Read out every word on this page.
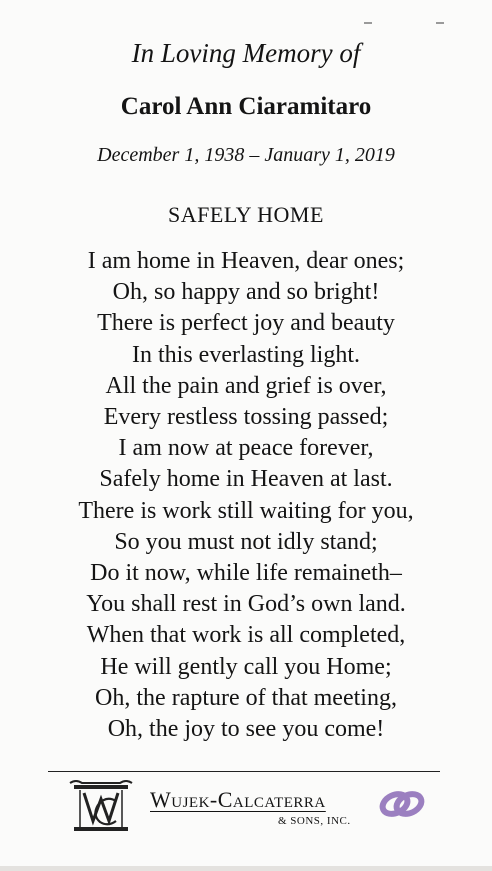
In Loving Memory of
Carol Ann Ciaramitaro
December 1, 1938 – January 1, 2019
SAFELY HOME
I am home in Heaven, dear ones;
Oh, so happy and so bright!
There is perfect joy and beauty
In this everlasting light.
All the pain and grief is over,
Every restless tossing passed;
I am now at peace forever,
Safely home in Heaven at last.
There is work still waiting for you,
So you must not idly stand;
Do it now, while life remaineth–
You shall rest in God’s own land.
When that work is all completed,
He will gently call you Home;
Oh, the rapture of that meeting,
Oh, the joy to see you come!
Wujek-Calcaterra
& SONS, INC.
